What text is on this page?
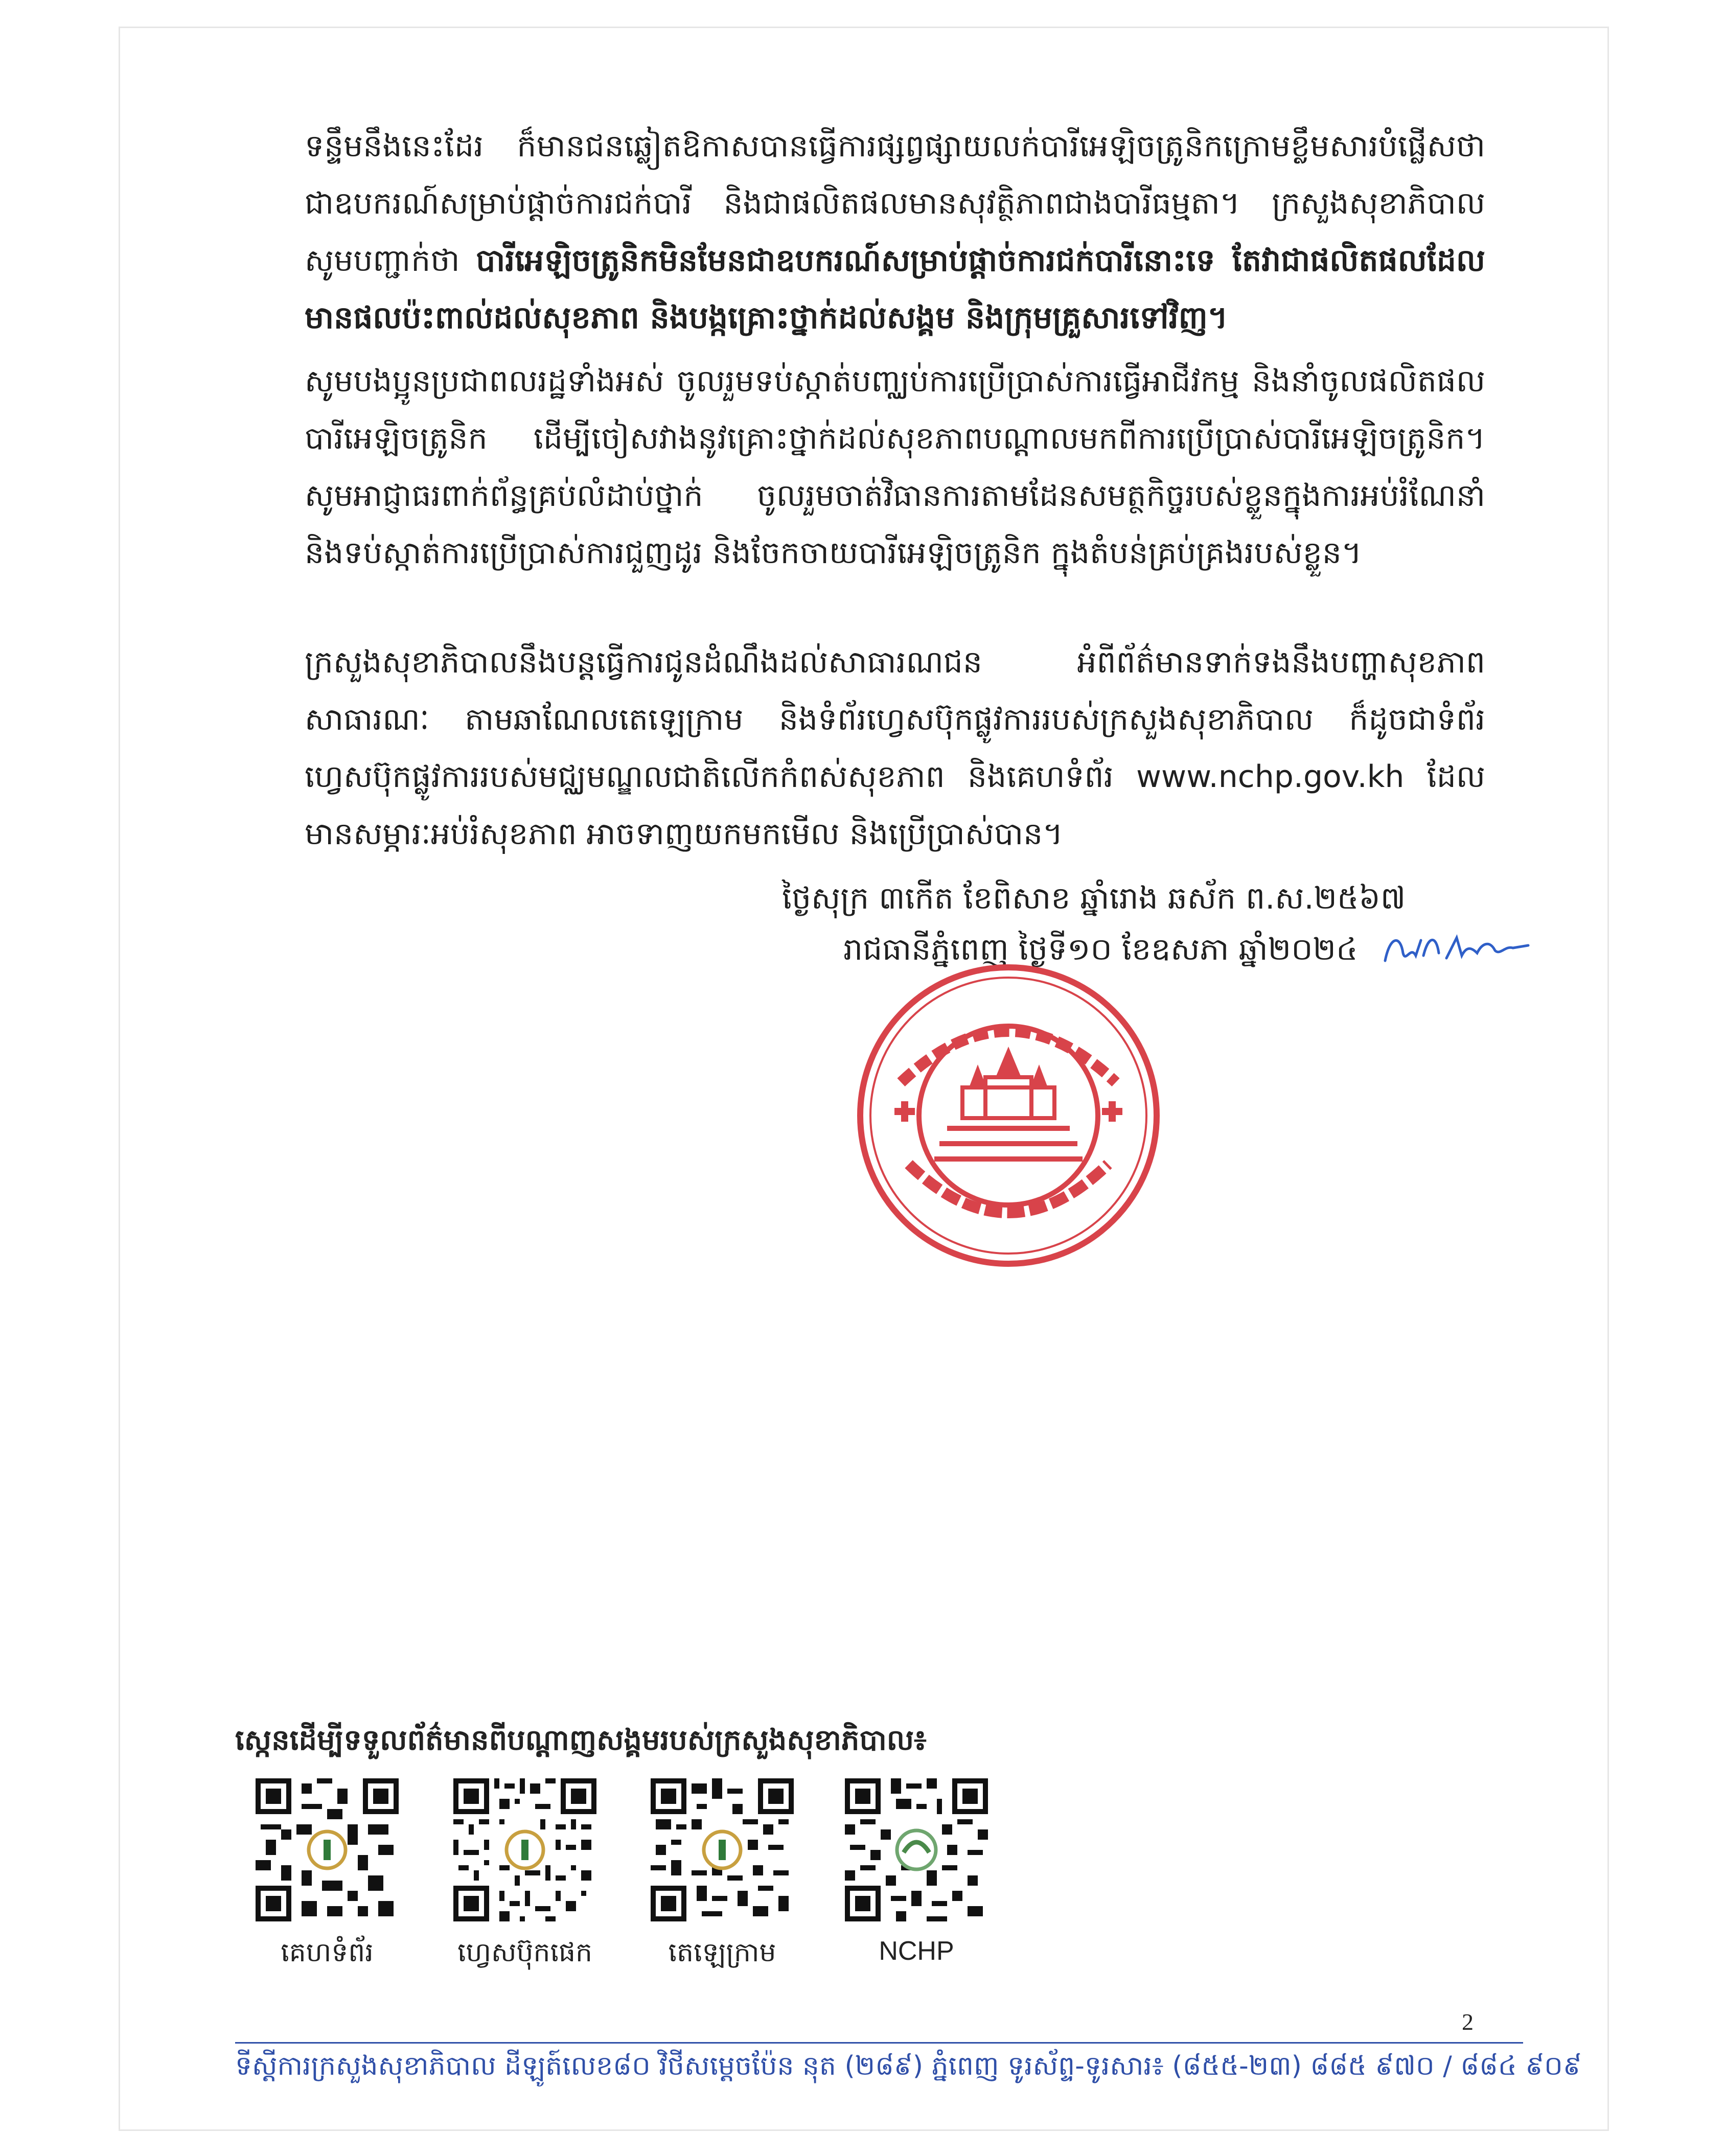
ទន្ទឹមនឹងនេះដែរ ក៏មានជនឆ្លៀតឱកាសបានធ្វើការផ្សព្វផ្សាយលក់បារីអេឡិចត្រូនិកក្រោមខ្លឹមសារបំផ្លើសថាជាឧបករណ៍សម្រាប់ផ្តាច់ការជក់បារី និងជាផលិតផលមានសុវត្ថិភាពជាងបារីធម្មតា។ ក្រសួងសុខាភិបាល សូមបញ្ជាក់ថា បារីអេឡិចត្រូនិកមិនមែនជាឧបករណ៍សម្រាប់ផ្តាច់ការជក់បារីនោះទេ តែវាជាផលិតផលដែលមានផលប៉ះពាល់ដល់សុខភាព និងបង្កគ្រោះថ្នាក់ដល់សង្គម និងក្រុមគ្រួសារទៅវិញ។

សូមបងប្អូនប្រជាពលរដ្ឋទាំងអស់ ចូលរួមទប់ស្កាត់បញ្ឈប់ការប្រើប្រាស់ការធ្វើអាជីវកម្ម និងនាំចូលផលិតផលបារីអេឡិចត្រូនិក ដើម្បីចៀសវាងនូវគ្រោះថ្នាក់ដល់សុខភាពបណ្ដាលមកពីការប្រើប្រាស់បារីអេឡិចត្រូនិក។ សូមអាជ្ញាធរពាក់ព័ន្ធគ្រប់លំដាប់ថ្នាក់ ចូលរួមចាត់វិធានការតាមដែនសមត្ថកិច្ចរបស់ខ្លួនក្នុងការអប់រំណែនាំ និងទប់ស្កាត់ការប្រើប្រាស់ការជួញដូរ និងចែកចាយបារីអេឡិចត្រូនិក ក្នុងតំបន់គ្រប់គ្រងរបស់ខ្លួន។

ក្រសួងសុខាភិបាលនឹងបន្តធ្វើការជូនដំណឹងដល់សាធារណជន អំពីព័ត៌មានទាក់ទងនឹងបញ្ហាសុខភាពសាធារណៈ តាមឆាណែលតេឡេក្រាម និងទំព័រហ្វេសប៊ុកផ្លូវការរបស់ក្រសួងសុខាភិបាល ក៏ដូចជាទំព័រហ្វេសប៊ុកផ្លូវការរបស់មជ្ឈមណ្ឌលជាតិលើកកំពស់សុខភាព និងគេហទំព័រ www.nchp.gov.kh ដែលមានសម្ភារៈអប់រំសុខភាព អាចទាញយកមកមើល និងប្រើប្រាស់បាន។

ថ្ងៃសុក្រ ៣កើត ខែពិសាខ ឆ្នាំរោង ឆស័ក ព.ស.២៥៦៧
រាជធានីភ្នំពេញ ថ្ងៃទី១០ ខែឧសភា ឆ្នាំ២០២៤
ស្កេនដើម្បីទទួលព័ត៌មានពីបណ្ដាញសង្គមរបស់ក្រសួងសុខាភិបាល៖
គេហទំព័រ	ហ្វេសប៊ុកផេក	តេឡេក្រាម	NCHP
2
ទីស្តីការក្រសួងសុខាភិបាល ដីឡូត៍លេខ៨០ វិថីសម្ដេចប៉ែន នុត (២៨៩) ភ្នំពេញ ទូរស័ព្ទ-ទូរសារ៖ (៨៥៥-២៣) ៨៨៥ ៩៧០ / ៨៨៤ ៩០៩
